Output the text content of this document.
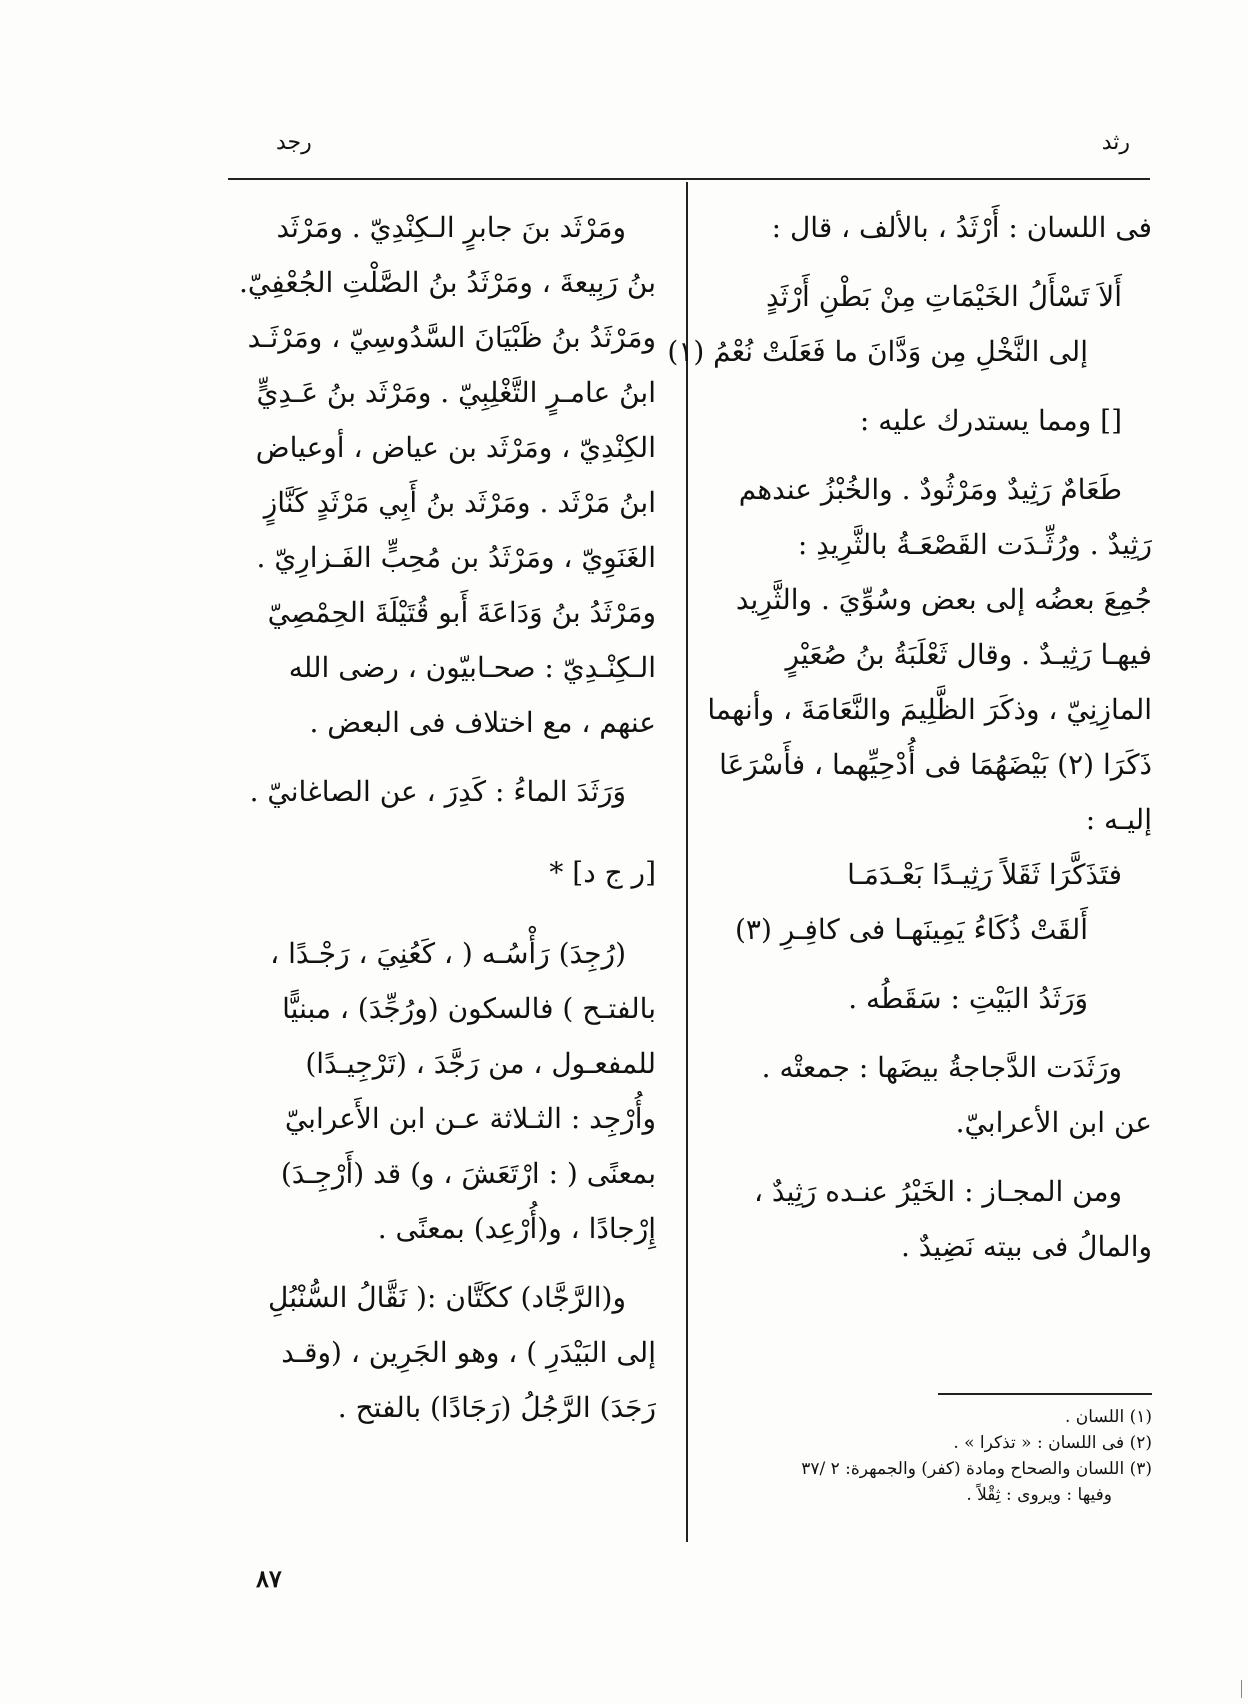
رثد
رجد
فى اللسان : أَرْثَدُ ، بالألف ، قال :
أَلاَ تَسْأَلُ الخَيْمَاتِ مِنْ بَطْنِ أَرْثَدٍ
إلى النَّخْلِ مِن وَدَّانَ ما فَعَلَتْ نُعْمُ (١)
[] ومما يستدرك عليه :
طَعَامٌ رَثِيدٌ ومَرْثُودٌ . والخُبْزُ عندهم
رَثِيدٌ . ورُثِّـدَت القَصْعَـةُ بالثَّرِيدِ :
جُمِعَ بعضُه إلى بعض وسُوِّيَ . والثَّرِيد
فيهـا رَثِيـدٌ . وقال ثَعْلَبَةُ بنُ صُعَيْرٍ
المازِنِيّ ، وذكَرَ الظَّلِيمَ والنَّعَامَةَ ، وأنهما
ذَكَرَا (٢) بَيْضَهُمَا فى أُدْحِيِّهما ، فأَسْرَعَا
إليـه :
فتَذَكَّرَا ثَقَلاً رَثِيـدًا بَعْـدَمَـا
أَلقَتْ ذُكَاءُ يَمِينَهـا فى كافِـرِ (٣)
وَرَثَدُ البَيْتِ : سَقَطُه .
ورَثَدَت الدَّجاجةُ بيضَها : جمعتْه .
عن ابن الأعرابيّ.
ومن المجـاز : الخَيْرُ عنـده رَثِيدٌ ،
والمالُ فى بيته نَضِيدٌ .
ومَرْثَد بنَ جابرٍ الـكِنْدِيّ . ومَرْثَد
بنُ رَبِيعةَ ، ومَرْثَدُ بنُ الصَّلْتِ الجُعْفِيّ.
ومَرْثَدُ بنُ ظَبْيَانَ السَّدُوسِيّ ، ومَرْثَـد
ابنُ عامـرٍ التَّغْلِبِيّ . ومَرْثَد بنُ عَـدِيٍّ
الكِنْدِيّ ، ومَرْثَد بن عياض ، أوعياض
ابنُ مَرْثَد . ومَرْثَد بنُ أَبِي مَرْثَدٍ كَنَّازٍ
الغَنَوِيّ ، ومَرْثَدُ بن مُحِبٍّ الفَـزارِيّ .
ومَرْثَدُ بنُ وَدَاعَةَ أَبو قُتَيْلَةَ الحِمْصِيّ
الـكِنْـدِيّ : صحـابيّون ، رضى الله
عنهم ، مع اختلاف فى البعض .
وَرَثَدَ الماءُ : كَدِرَ ، عن الصاغانيّ .
[ر ج د] *
(رُجِدَ) رَأْسُـه ( ، كَعُنِيَ ، رَجْـدًا ،
بالفتـح ) فالسكون (ورُجِّدَ) ، مبنيًّا
للمفعـول ، من رَجَّدَ ، (تَرْجِيـدًا)
وأُرْجِد : الثـلاثة عـن ابن الأَعرابيّ
بمعنًى ( : ارْتَعَشَ ، و) قد (أَرْجِـدَ)
إِرْجادًا ، و(أُرْعِد) بمعنًى .
و(الرَّجَّاد) ككَتَّان :( نَقَّالُ السُّنْبُلِ
إلى البَيْدَرِ ) ، وهو الجَرِين ، (وقـد
رَجَدَ) الرَّجُلُ (رَجَادًا) بالفتح .	(١) اللسان .
(٢) فى اللسان : « تذكرا » .
(٣) اللسان والصحاح ومادة (كفر) والجمهرة: ٢ /٣٧
وفيها : ويروى : ثِقْلاً .
٨٧
